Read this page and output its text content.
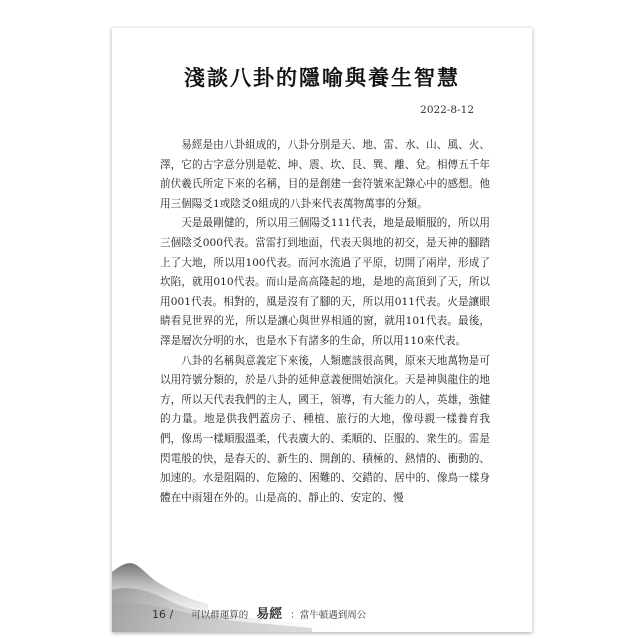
淺談八卦的隱喻與養生智慧
2022-8-12

易經是由八卦組成的，八卦分別是天、地、雷、水、山、風、火、澤，它的古字意分別是乾、坤、震、坎、艮、巽、離、兌。相傳五千年前伏羲氏所定下來的名稱，目的是創建一套符號來記錄心中的感想。他用三個陽爻1或陰爻0組成的八卦來代表萬物萬事的分類。

天是最剛健的，所以用三個陽爻111代表，地是最順服的，所以用三個陰爻000代表。當雷打到地面，代表天與地的初交，是天神的腳踏上了大地，所以用100代表。而河水流過了平原，切開了兩岸，形成了坎陷，就用010代表。而山是高高隆起的地，是地的高頂到了天，所以用001代表。相對的，風是沒有了腳的天，所以用011代表。火是讓眼睛看見世界的光，所以是讓心與世界相通的窗，就用101代表。最後，澤是層次分明的水，也是水下有諸多的生命，所以用110來代表。

八卦的名稱與意義定下來後，人類應該很高興，原來天地萬物是可以用符號分類的，於是八卦的延伸意義便開始演化。天是神與龍住的地方，所以天代表我們的主人，國王，領導，有大能力的人，英雄，強健的力量。地是供我們蓋房子、種植、旅行的大地，像母親一樣養育我們，像馬一樣順服溫柔，代表廣大的、柔順的、臣服的、衆生的。雷是閃電般的快，是春天的、新生的、開創的、積極的、熱情的、衝動的、加速的。水是阻隔的、危險的、困難的、交錯的、居中的、像鳥一樣身體在中雨翅在外的。山是高的、靜止的、安定的、慢

16 / 可以群運算的 易經 ：當牛頓遇到周公
